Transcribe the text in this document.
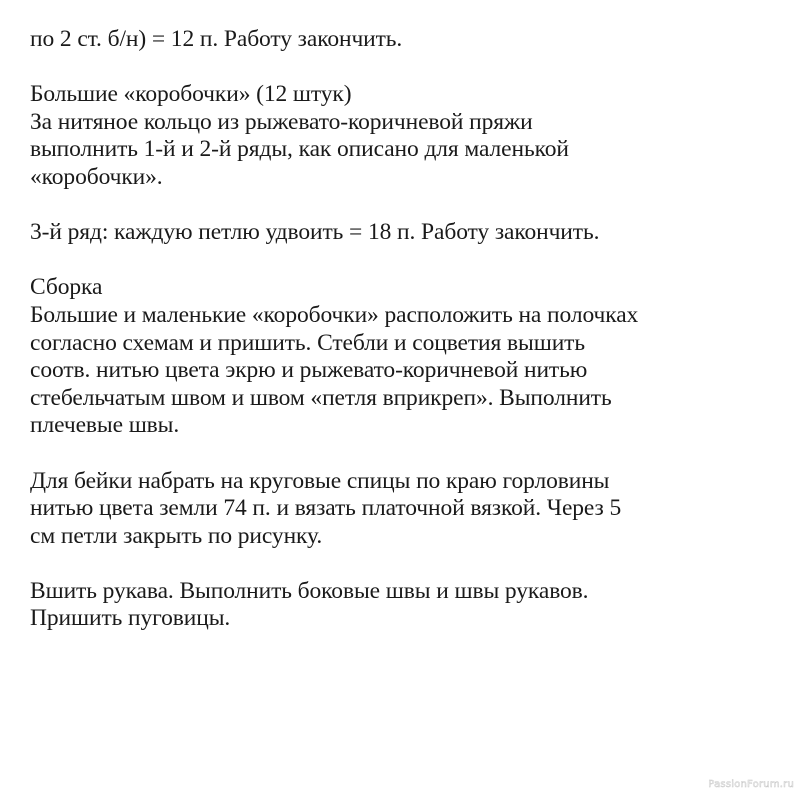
по 2 ст. б/н) = 12 п. Работу закончить.
Большие «коробочки» (12 штук)
За нитяное кольцо из рыжевато-коричневой пряжи
выполнить 1-й и 2-й ряды, как описано для маленькой
«коробочки».
3-й ряд: каждую петлю удвоить = 18 п. Работу закончить.
Сборка
Большие и маленькие «коробочки» расположить на полочках
согласно схемам и пришить. Стебли и соцветия вышить
соотв. нитью цвета экрю и рыжевато-коричневой нитью
стебельчатым швом и швом «петля вприкреп». Выполнить
плечевые швы.
Для бейки набрать на круговые спицы по краю горловины
нитью цвета земли 74 п. и вязать платочной вязкой. Через 5
см петли закрыть по рисунку.
Вшить рукава. Выполнить боковые швы и швы рукавов.
Пришить пуговицы.
PassionForum.ru
